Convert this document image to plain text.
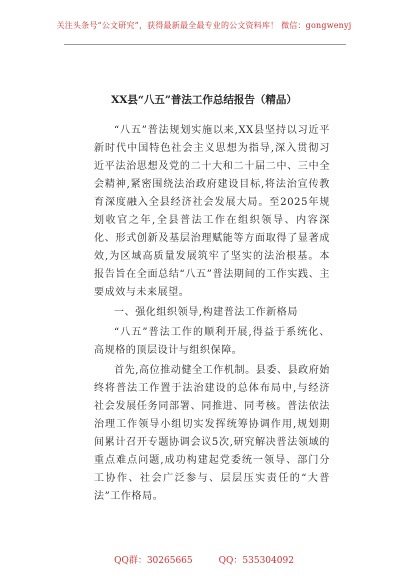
关注头条号“公文研究”，获得最新最全最专业的公文资料库！ 微信：gongwenyj
XX县“八五”普法工作总结报告（精品）

“八五”普法规划实施以来,XX县坚持以习近平新时代中国特色社会主义思想为指导,深入贯彻习近平法治思想及党的二十大和二十届二中、三中全会精神,紧密围绕法治政府建设目标,将法治宣传教育深度融入全县经济社会发展大局。至2025年规划收官之年,全县普法工作在组织领导、内容深化、形式创新及基层治理赋能等方面取得了显著成效,为区域高质量发展筑牢了坚实的法治根基。本报告旨在全面总结“八五”普法期间的工作实践、主要成效与未来展望。

一、强化组织领导,构建普法工作新格局

“八五”普法工作的顺利开展,得益于系统化、高规格的顶层设计与组织保障。

首先,高位推动健全工作机制。县委、县政府始终将普法工作置于法治建设的总体布局中,与经济社会发展任务同部署、同推进、同考核。普法依法治理工作领导小组切实发挥统筹协调作用,规划期间累计召开专题协调会议5次,研究解决普法领域的重点难点问题,成功构建起党委统一领导、部门分工协作、社会广泛参与、层层压实责任的“大普法”工作格局。

QQ群：30265665	QQ：535304092
